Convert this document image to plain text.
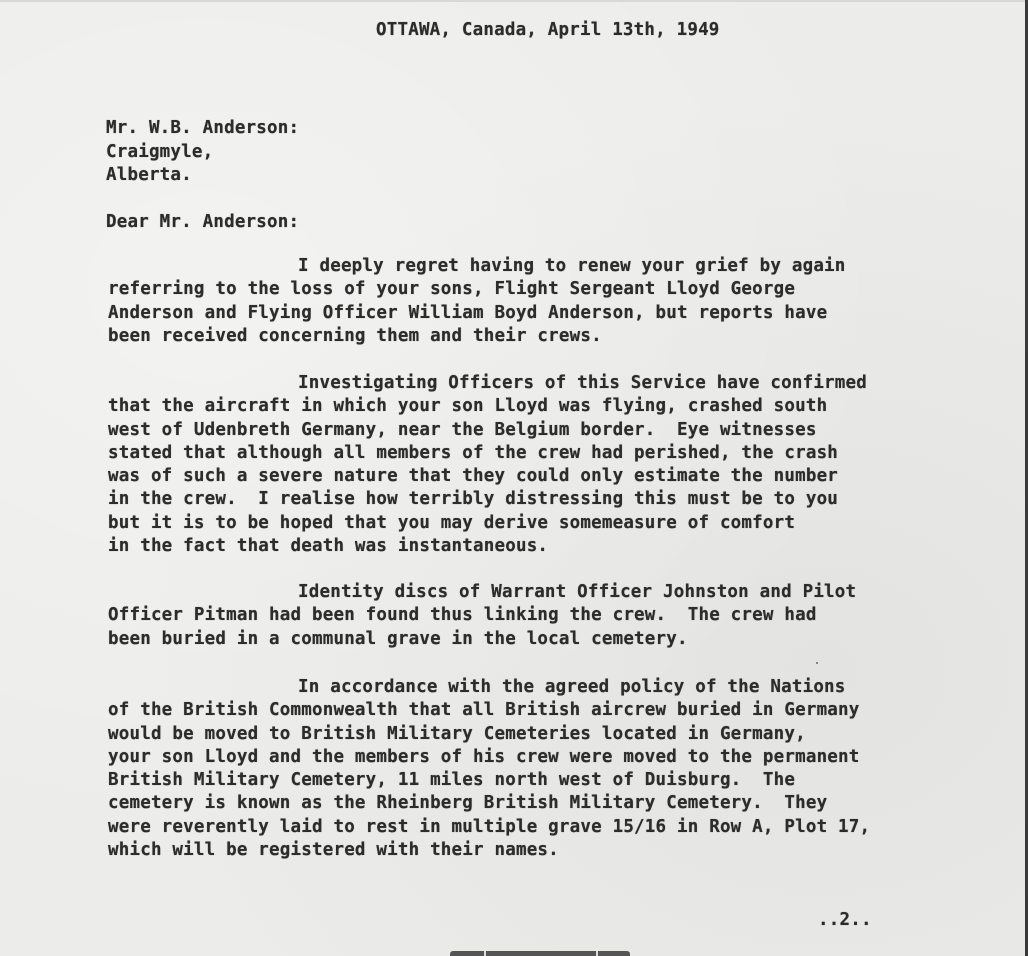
OTTAWA, Canada, April 13th, 1949
Mr. W.B. Anderson:
Craigmyle,
Alberta.
Dear Mr. Anderson:
I deeply regret having to renew your grief by again
referring to the loss of your sons, Flight Sergeant Lloyd George
Anderson and Flying Officer William Boyd Anderson, but reports have
been received concerning them and their crews.
Investigating Officers of this Service have confirmed
that the aircraft in which your son Lloyd was flying, crashed south
west of Udenbreth Germany, near the Belgium border.  Eye witnesses
stated that although all members of the crew had perished, the crash
was of such a severe nature that they could only estimate the number
in the crew.  I realise how terribly distressing this must be to you
but it is to be hoped that you may derive somemeasure of comfort
in the fact that death was instantaneous.
Identity discs of Warrant Officer Johnston and Pilot
Officer Pitman had been found thus linking the crew.  The crew had
been buried in a communal grave in the local cemetery.
In accordance with the agreed policy of the Nations
of the British Commonwealth that all British aircrew buried in Germany
would be moved to British Military Cemeteries located in Germany,
your son Lloyd and the members of his crew were moved to the permanent
British Military Cemetery, 11 miles north west of Duisburg.  The
cemetery is known as the Rheinberg British Military Cemetery.  They
were reverently laid to rest in multiple grave 15/16 in Row A, Plot 17,
which will be registered with their names.
..2..
